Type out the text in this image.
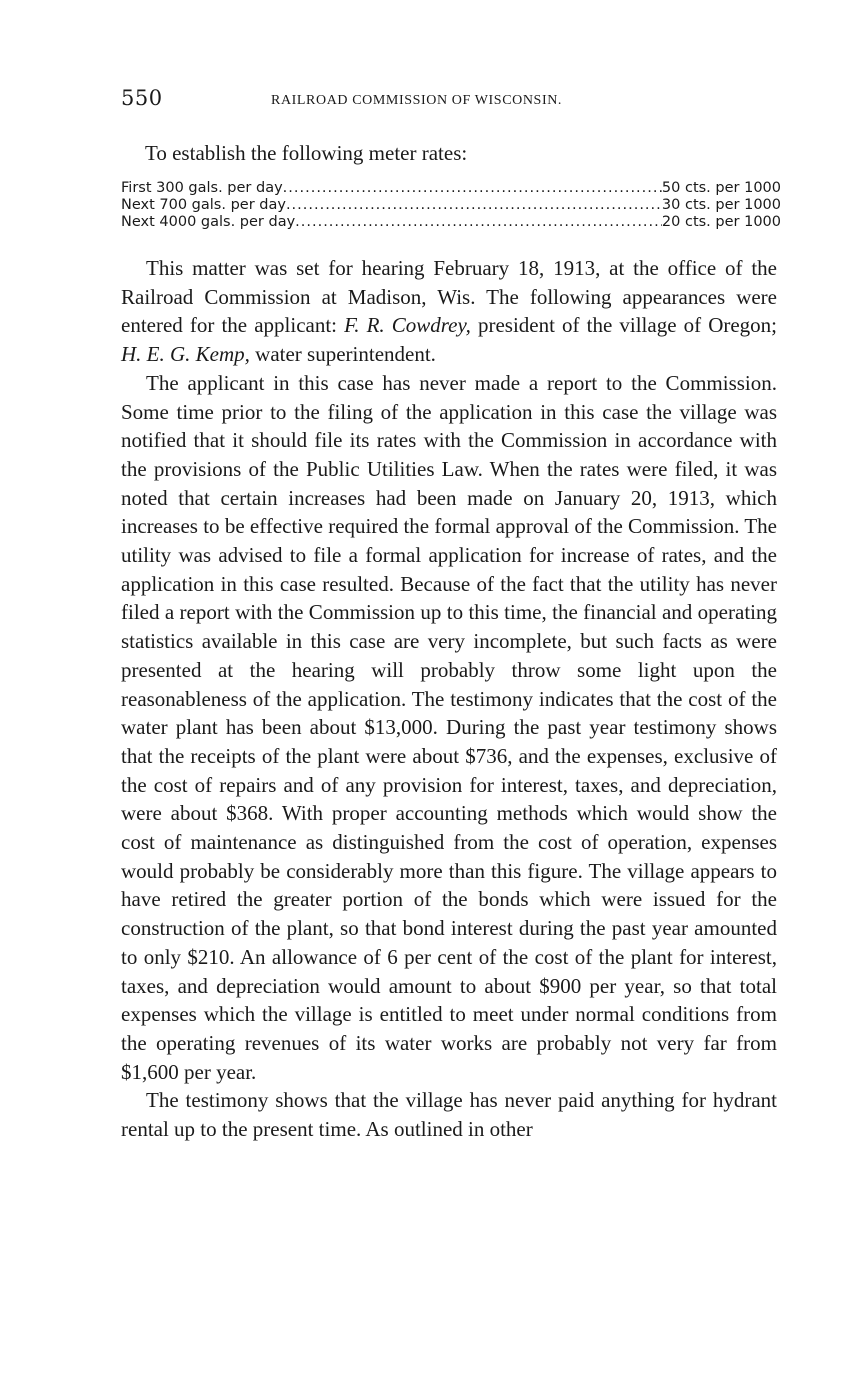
550	RAILROAD COMMISSION OF WISCONSIN.
To establish the following meter rates:
First 300 gals. per day .....	50 cts. per 1000
Next 700 gals. per day .....	30 cts. per 1000
Next 4000 gals. per day .....	20 cts. per 1000

This matter was set for hearing February 18, 1913, at the office of the Railroad Commission at Madison, Wis. The following appearances were entered for the applicant: F. R. Cowdrey, president of the village of Oregon; H. E. G. Kemp, water superintendent.

The applicant in this case has never made a report to the Commission. Some time prior to the filing of the application in this case the village was notified that it should file its rates with the Commission in accordance with the provisions of the Public Utilities Law. When the rates were filed, it was noted that certain increases had been made on January 20, 1913, which increases to be effective required the formal approval of the Commission. The utility was advised to file a formal application for increase of rates, and the application in this case resulted. Because of the fact that the utility has never filed a report with the Commission up to this time, the financial and operating statistics available in this case are very incomplete, but such facts as were presented at the hearing will probably throw some light upon the reasonableness of the application. The testimony indicates that the cost of the water plant has been about $13,000. During the past year testimony shows that the receipts of the plant were about $736, and the expenses, exclusive of the cost of repairs and of any provision for interest, taxes, and depreciation, were about $368. With proper accounting methods which would show the cost of maintenance as distinguished from the cost of operation, expenses would probably be considerably more than this figure. The village appears to have retired the greater portion of the bonds which were issued for the construction of the plant, so that bond interest during the past year amounted to only $210. An allowance of 6 per cent of the cost of the plant for interest, taxes, and depreciation would amount to about $900 per year, so that total expenses which the village is entitled to meet under normal conditions from the operating revenues of its water works are probably not very far from $1,600 per year.

The testimony shows that the village has never paid anything for hydrant rental up to the present time. As outlined in other
